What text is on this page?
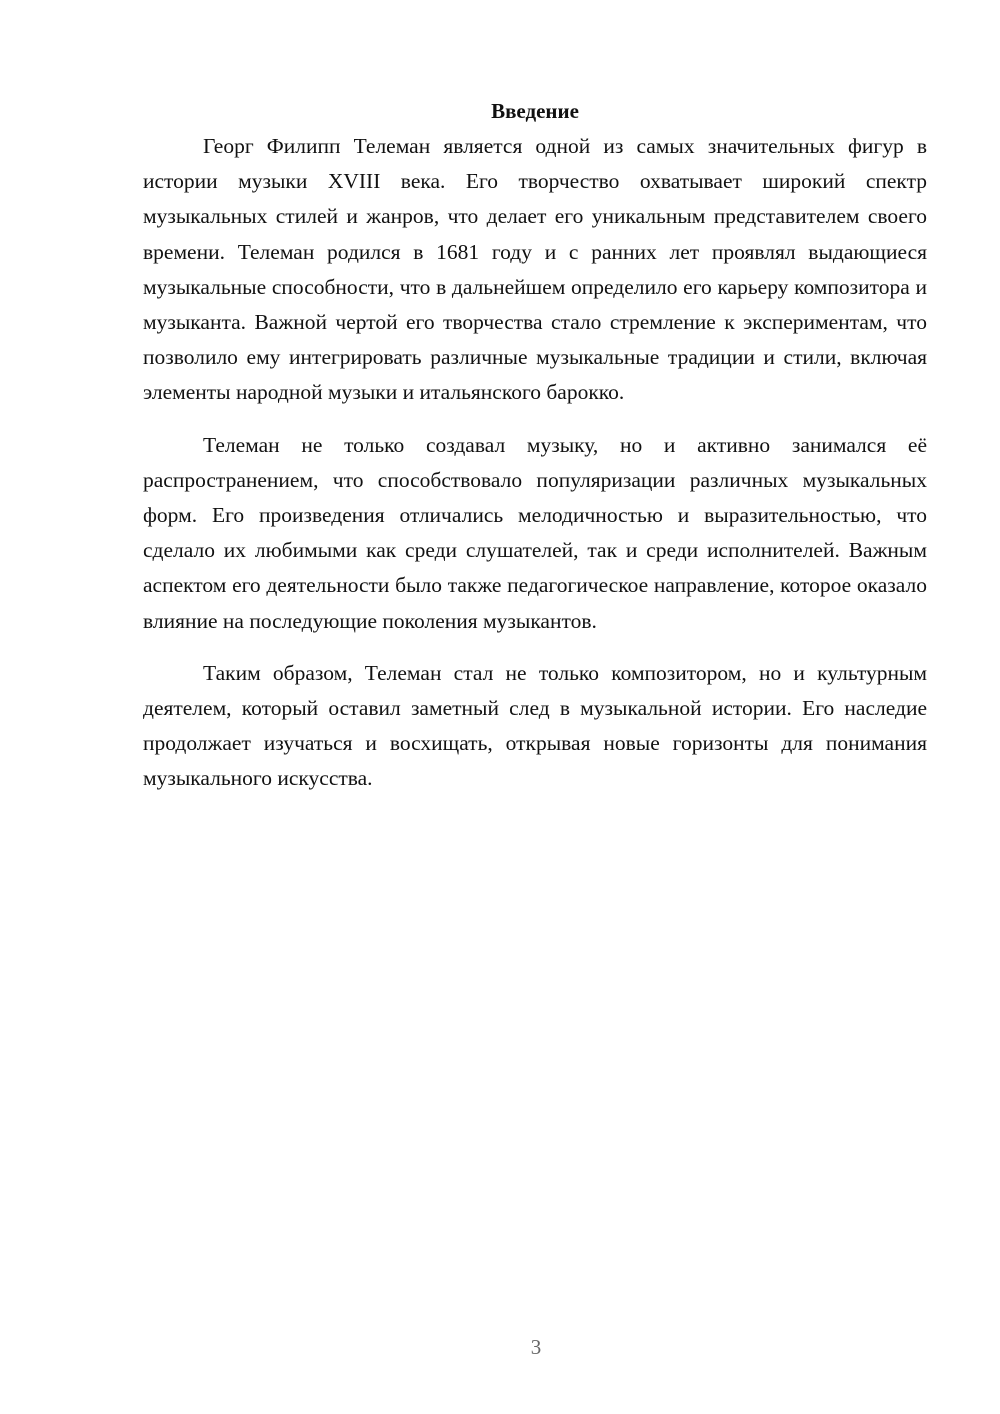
Введение

Георг Филипп Телеман является одной из самых значительных фигур в истории музыки XVIII века. Его творчество охватывает широкий спектр музыкальных стилей и жанров, что делает его уникальным представителем своего времени. Телеман родился в 1681 году и с ранних лет проявлял выдающиеся музыкальные способности, что в дальнейшем определило его карьеру композитора и музыканта. Важной чертой его творчества стало стремление к экспериментам, что позволило ему интегрировать различные музыкальные традиции и стили, включая элементы народной музыки и итальянского барокко.

Телеман не только создавал музыку, но и активно занимался её распространением, что способствовало популяризации различных музыкальных форм. Его произведения отличались мелодичностью и выразительностью, что сделало их любимыми как среди слушателей, так и среди исполнителей. Важным аспектом его деятельности было также педагогическое направление, которое оказало влияние на последующие поколения музыкантов.

Таким образом, Телеман стал не только композитором, но и культурным деятелем, который оставил заметный след в музыкальной истории. Его наследие продолжает изучаться и восхищать, открывая новые горизонты для понимания музыкального искусства.

3
